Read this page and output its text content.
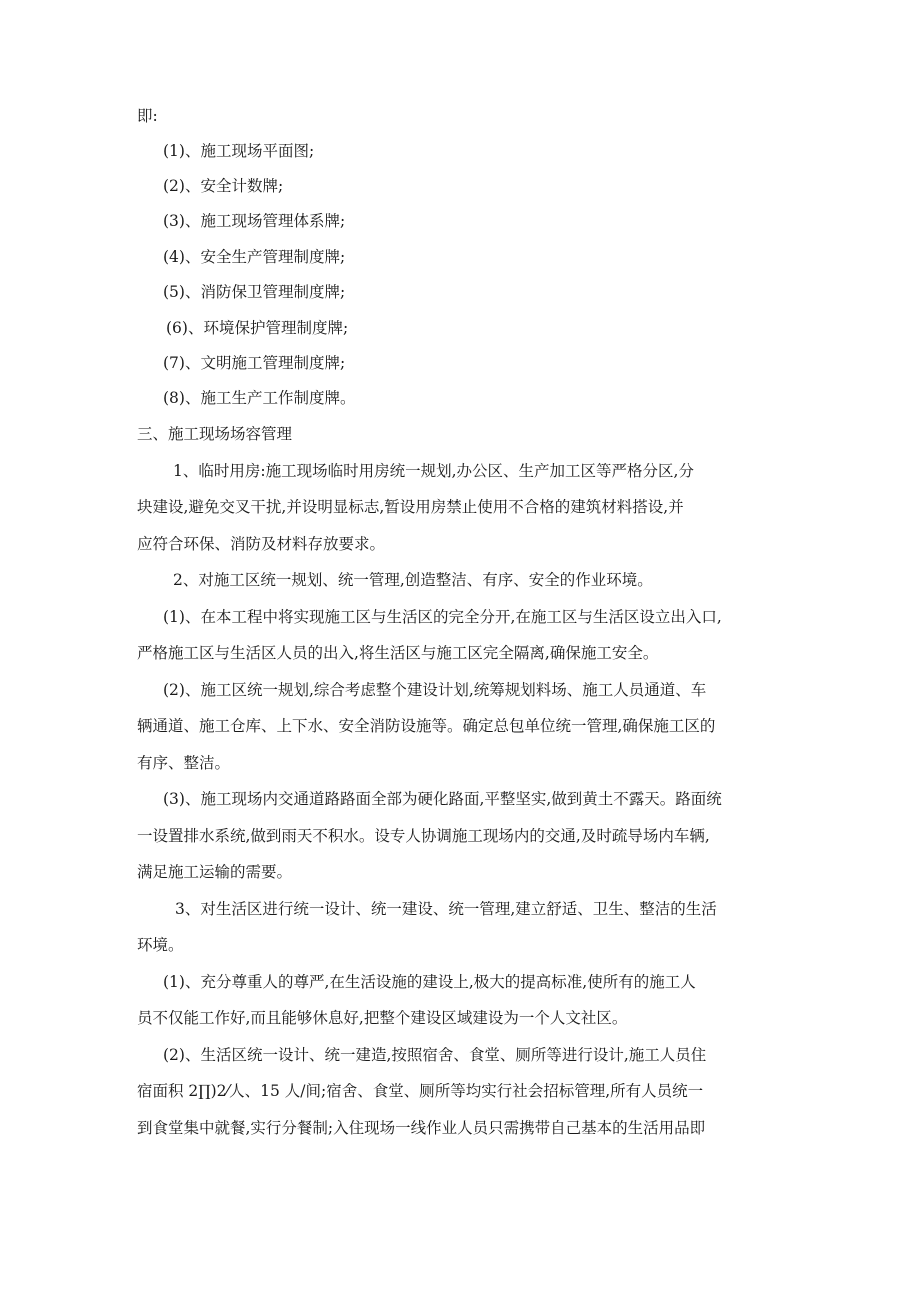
即:
(1)、施工现场平面图;
(2)、安全计数牌;
(3)、施工现场管理体系牌;
(4)、安全生产管理制度牌;
(5)、消防保卫管理制度牌;
(6)、环境保护管理制度牌;
(7)、文明施工管理制度牌;
(8)、施工生产工作制度牌。
三、施工现场场容管理
1、临时用房:施工现场临时用房统一规划,办公区、生产加工区等严格分区,分
块建设,避免交叉干扰,并设明显标志,暂设用房禁止使用不合格的建筑材料搭设,并
应符合环保、消防及材料存放要求。
2、对施工区统一规划、统一管理,创造整洁、有序、安全的作业环境。
(1)、在本工程中将实现施工区与生活区的完全分开,在施工区与生活区设立出入口,
严格施工区与生活区人员的出入,将生活区与施工区完全隔离,确保施工安全。
(2)、施工区统一规划,综合考虑整个建设计划,统筹规划料场、施工人员通道、车
辆通道、施工仓库、上下水、安全消防设施等。确定总包单位统一管理,确保施工区的
有序、整洁。
(3)、施工现场内交通道路路面全部为硬化路面,平整坚实,做到黄土不露天。路面统
一设置排水系统,做到雨天不积水。设专人协调施工现场内的交通,及时疏导场内车辆,
满足施工运输的需要。
3、对生活区进行统一设计、统一建设、统一管理,建立舒适、卫生、整洁的生活
环境。
(1)、充分尊重人的尊严,在生活设施的建设上,极大的提高标准,使所有的施工人
员不仅能工作好,而且能够休息好,把整个建设区域建设为一个人文社区。
(2)、生活区统一设计、统一建造,按照宿舍、食堂、厕所等进行设计,施工人员住
宿面积 2∏)2⁄人、15 人/间;宿舍、食堂、厕所等均实行社会招标管理,所有人员统一
到食堂集中就餐,实行分餐制;入住现场一线作业人员只需携带自己基本的生活用品即
